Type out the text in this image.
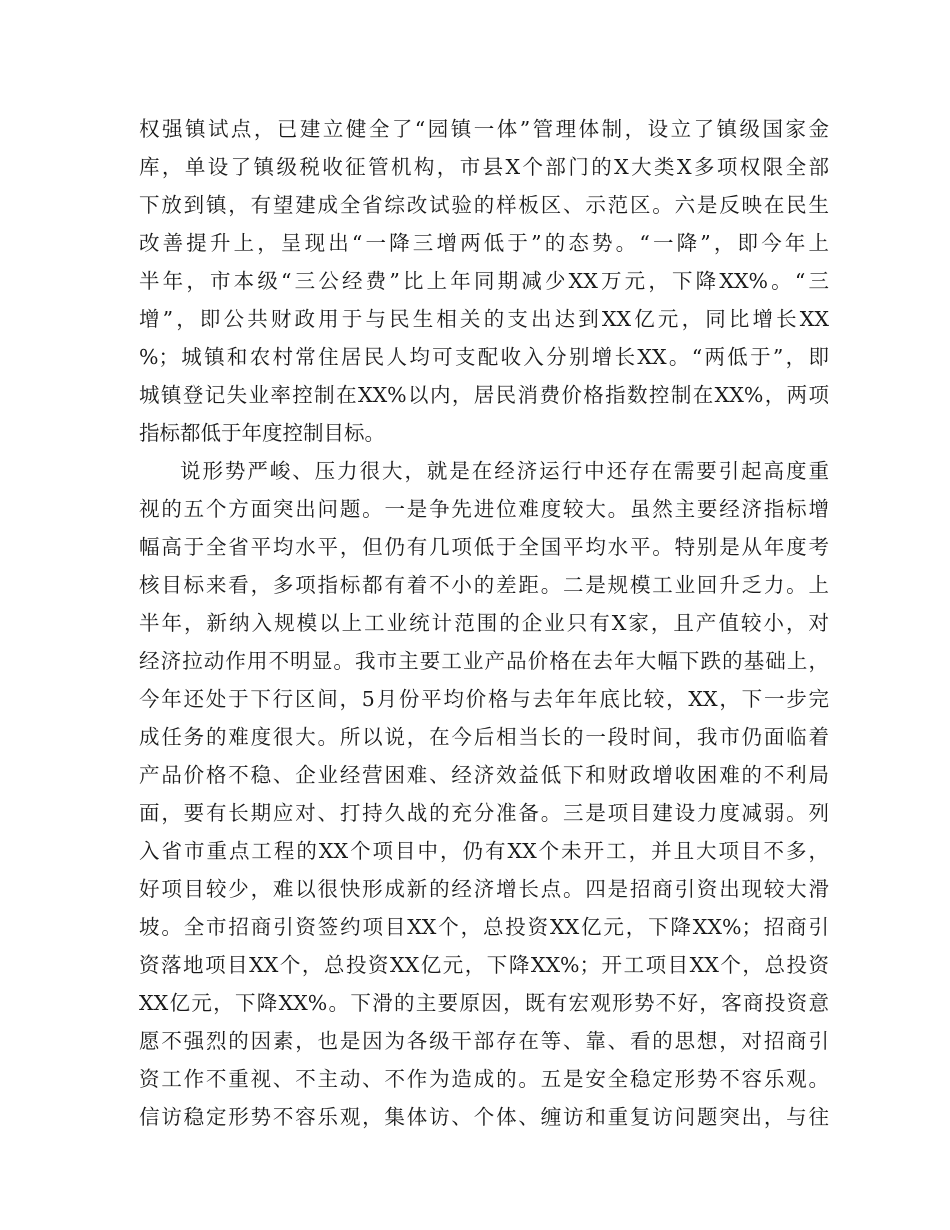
权强镇试点，已建立健全了“园镇一体”管理体制，设立了镇级国家金
库，单设了镇级税收征管机构，市县X个部门的X大类X多项权限全部
下放到镇，有望建成全省综改试验的样板区、示范区。六是反映在民生
改善提升上，呈现出“一降三增两低于”的态势。“一降”，即今年上
半年，市本级“三公经费”比上年同期减少XX万元，下降XX%。“三
增”，即公共财政用于与民生相关的支出达到XX亿元，同比增长XX
%；城镇和农村常住居民人均可支配收入分别增长XX。“两低于”，即
城镇登记失业率控制在XX%以内，居民消费价格指数控制在XX%，两项
指标都低于年度控制目标。
说形势严峻、压力很大，就是在经济运行中还存在需要引起高度重
视的五个方面突出问题。一是争先进位难度较大。虽然主要经济指标增
幅高于全省平均水平，但仍有几项低于全国平均水平。特别是从年度考
核目标来看，多项指标都有着不小的差距。二是规模工业回升乏力。上
半年，新纳入规模以上工业统计范围的企业只有X家，且产值较小，对
经济拉动作用不明显。我市主要工业产品价格在去年大幅下跌的基础上，
今年还处于下行区间，5月份平均价格与去年年底比较，XX，下一步完
成任务的难度很大。所以说，在今后相当长的一段时间，我市仍面临着
产品价格不稳、企业经营困难、经济效益低下和财政增收困难的不利局
面，要有长期应对、打持久战的充分准备。三是项目建设力度减弱。列
入省市重点工程的XX个项目中，仍有XX个未开工，并且大项目不多，
好项目较少，难以很快形成新的经济增长点。四是招商引资出现较大滑
坡。全市招商引资签约项目XX个，总投资XX亿元，下降XX%；招商引
资落地项目XX个，总投资XX亿元，下降XX%；开工项目XX个，总投资
XX亿元，下降XX%。下滑的主要原因，既有宏观形势不好，客商投资意
愿不强烈的因素，也是因为各级干部存在等、靠、看的思想，对招商引
资工作不重视、不主动、不作为造成的。五是安全稳定形势不容乐观。
信访稳定形势不容乐观，集体访、个体、缠访和重复访问题突出，与往
